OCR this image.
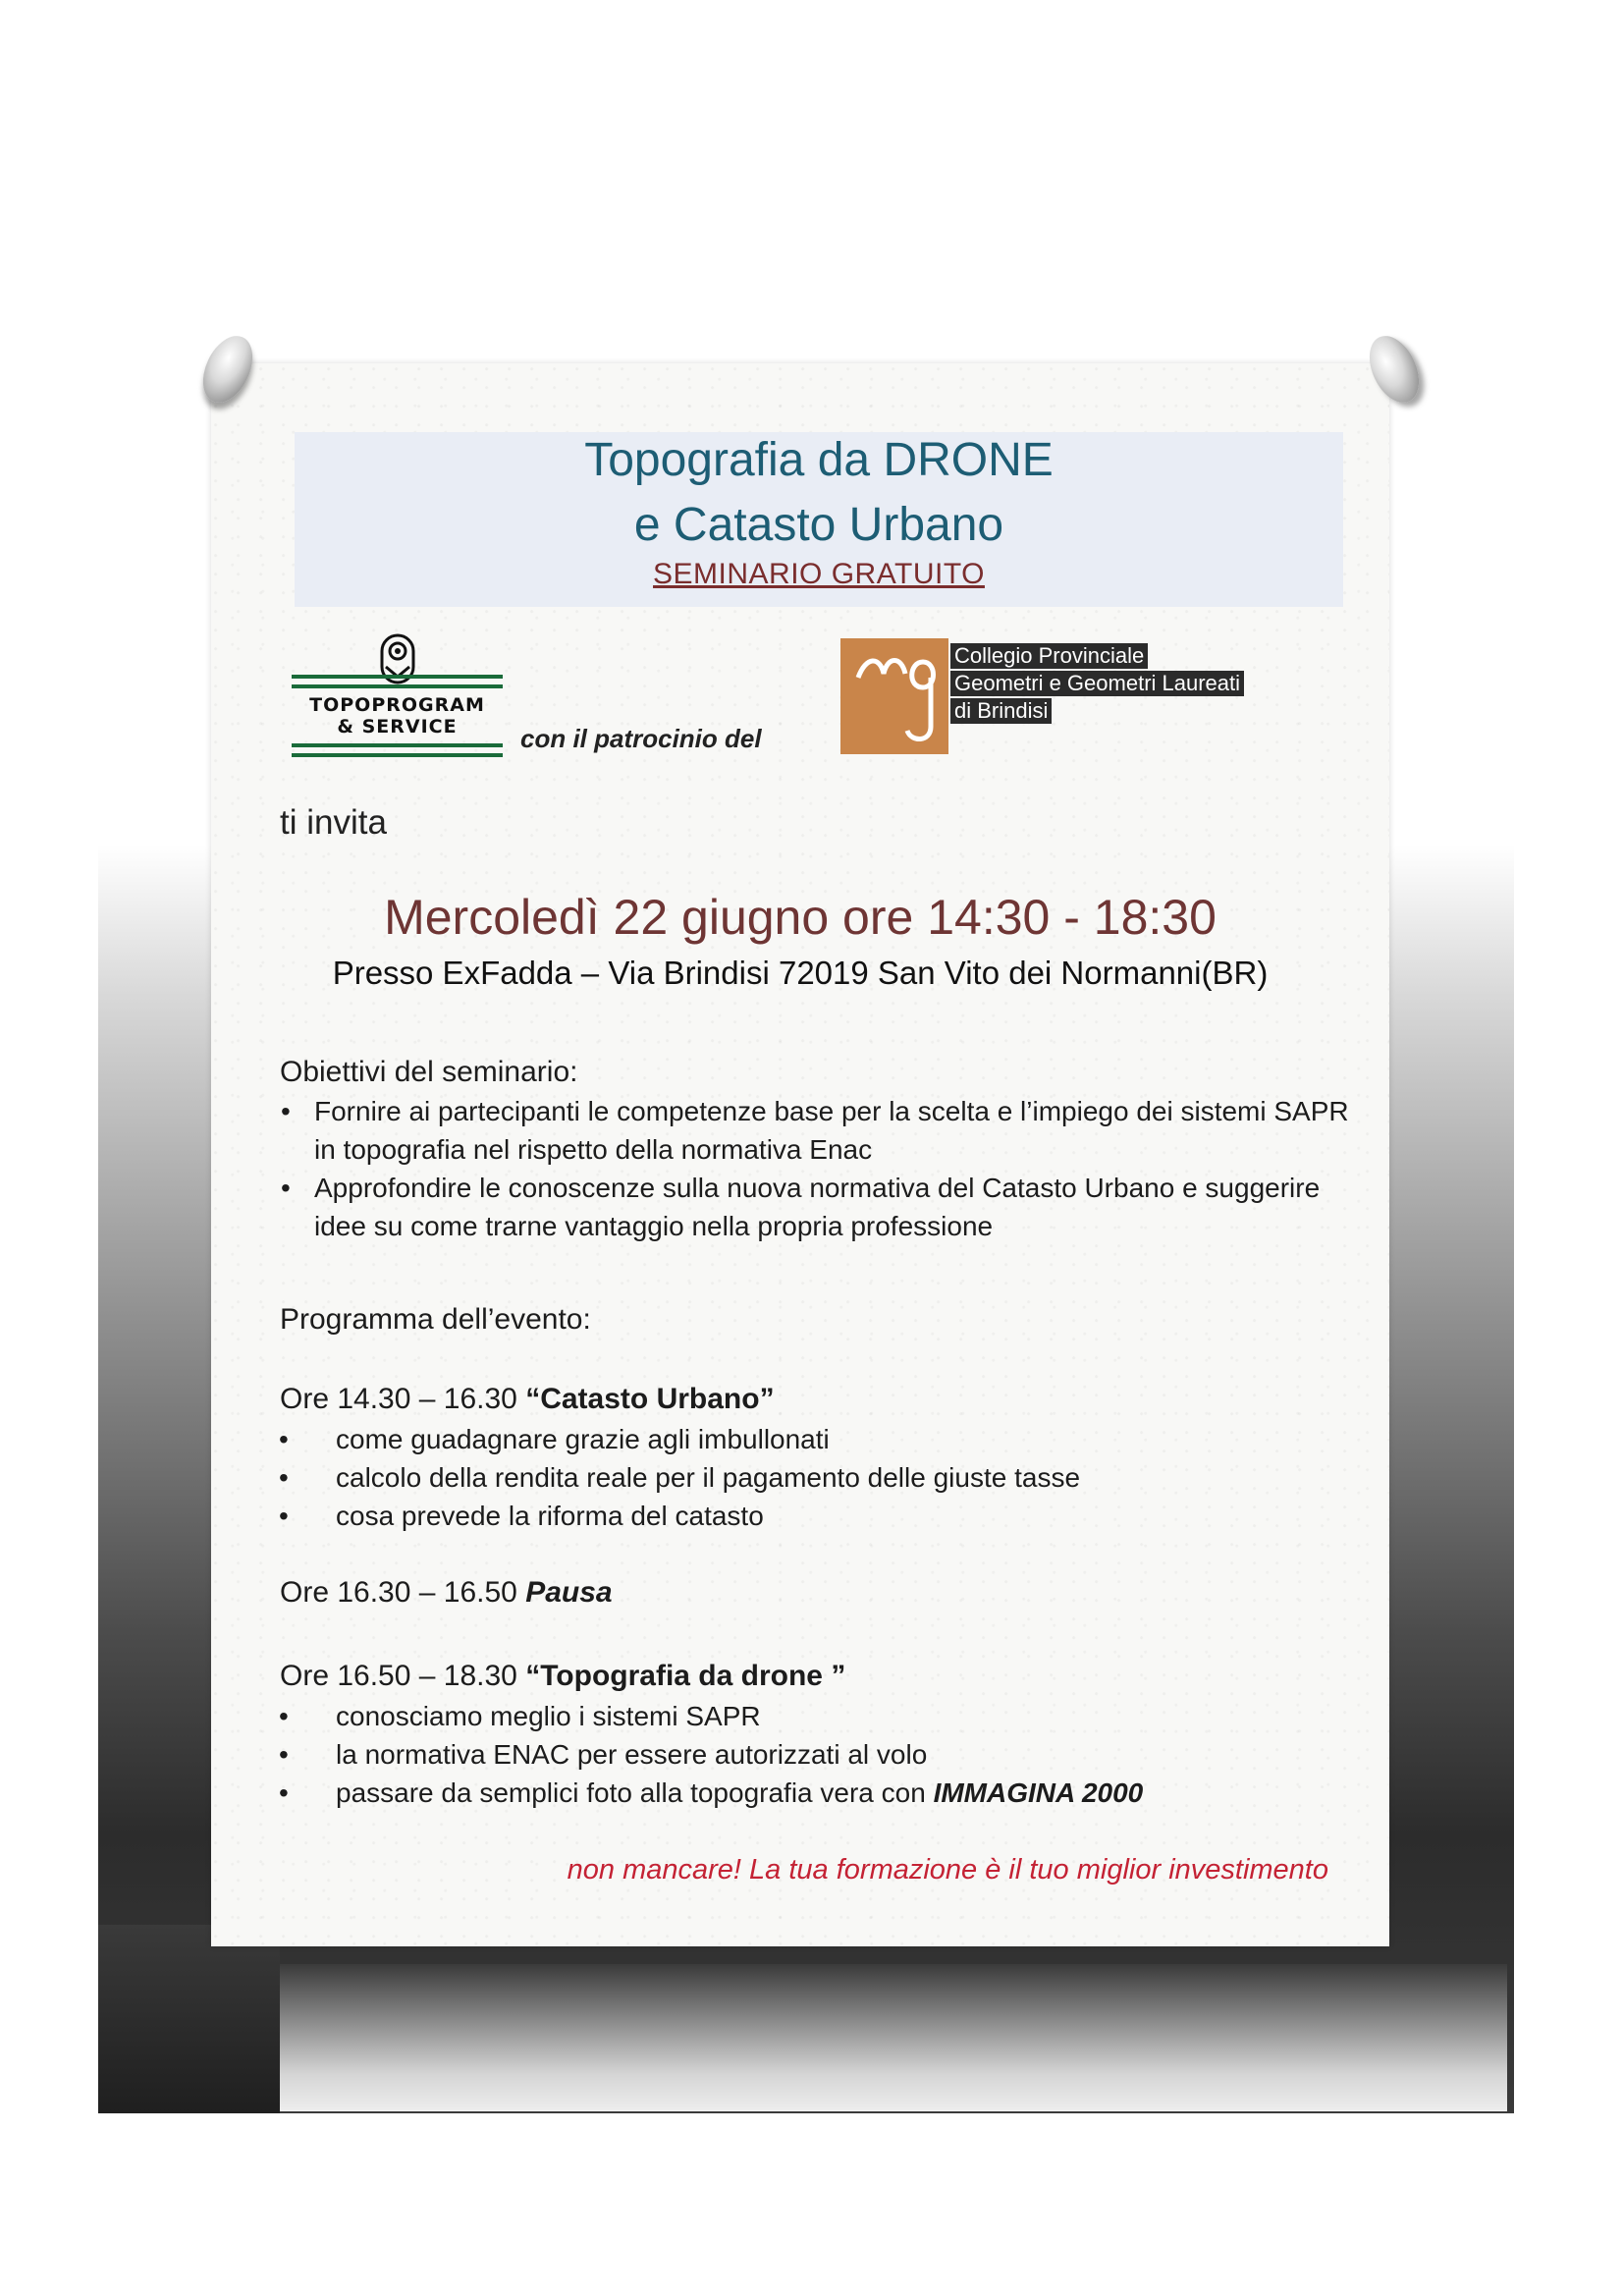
Topografia da DRONE
e Catasto Urbano
SEMINARIO GRATUITO
TOPOPROGRAM
& SERVICE	con il patrocinio del
Collegio Provinciale
Geometri e Geometri Laureati
di Brindisi
ti invita
Mercoledì 22 giugno ore 14:30 - 18:30
Presso ExFadda – Via Brindisi 72019 San Vito dei Normanni(BR)
Obiettivi del seminario:
• Fornire ai partecipanti le competenze base per la scelta e l’impiego dei sistemi SAPR in topografia nel rispetto della normativa Enac
• Approfondire le conoscenze sulla nuova normativa del Catasto Urbano e suggerire idee su come trarne vantaggio nella propria professione
Programma dell’evento:
Ore 14.30 – 16.30 “Catasto Urbano”
• come guadagnare grazie agli imbullonati
• calcolo della rendita reale per il pagamento delle giuste tasse
• cosa prevede la riforma del catasto
Ore 16.30 – 16.50 Pausa
Ore 16.50 – 18.30 “Topografia da drone ”
• conosciamo meglio i sistemi SAPR
• la normativa ENAC per essere autorizzati al volo
• passare da semplici foto alla topografia vera con IMMAGINA 2000
non mancare! La tua formazione è il tuo miglior investimento
